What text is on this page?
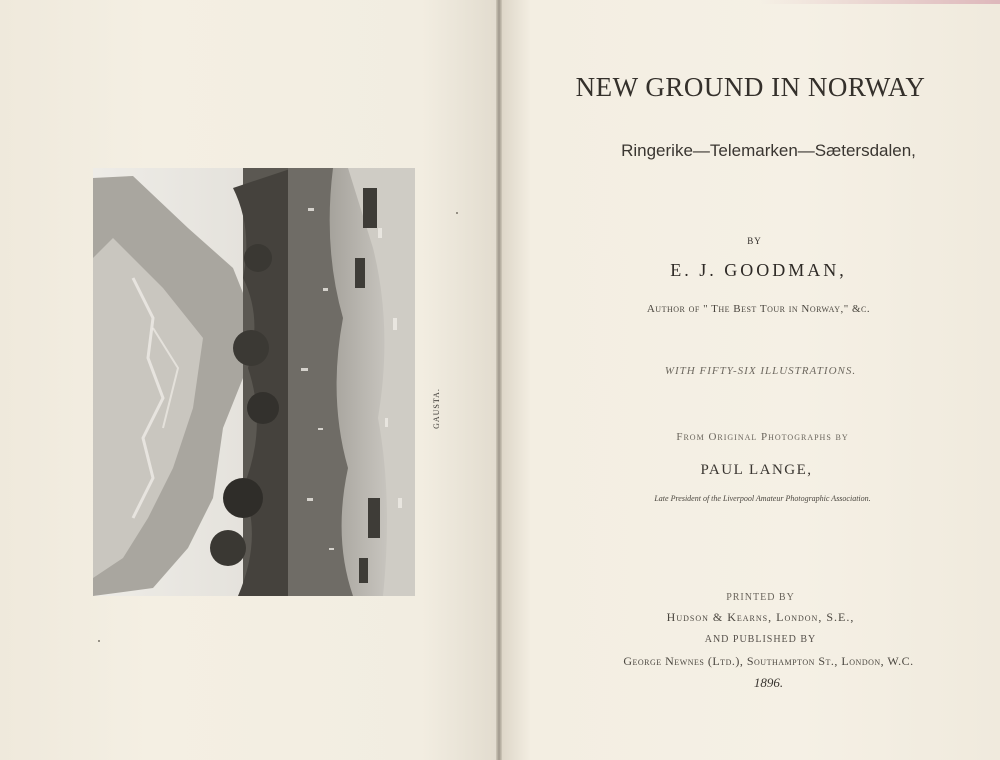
GAUSTA.
NEW GROUND IN NORWAY
Ringerike—Telemarken—Sætersdalen,
BY
E. J. GOODMAN,
Author of " The Best Tour in Norway," &c.
WITH FIFTY-SIX ILLUSTRATIONS.
From Original Photographs by
PAUL LANGE,
Late President of the Liverpool Amateur Photographic Association.
PRINTED BY
Hudson & Kearns, London, S.E.,
AND PUBLISHED BY
George Newnes (Ltd.), Southampton St., London, W.C.
1896.
